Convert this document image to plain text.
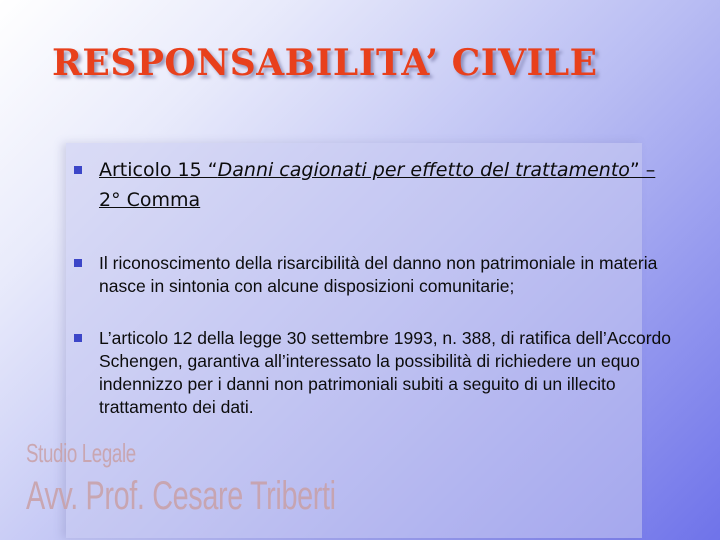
RESPONSABILITA’ CIVILE
Articolo 15 “Danni cagionati per effetto del trattamento” – 2° Comma
Il riconoscimento della risarcibilità del danno non patrimoniale in materia nasce in sintonia con alcune disposizioni comunitarie;
L’articolo 12 della legge 30 settembre 1993, n. 388, di ratifica dell’Accordo Schengen, garantiva all’interessato la possibilità di richiedere un equo indennizzo per i danni non patrimoniali subiti a seguito di un illecito trattamento dei dati.
Studio Legale
Avv. Prof. Cesare Triberti
